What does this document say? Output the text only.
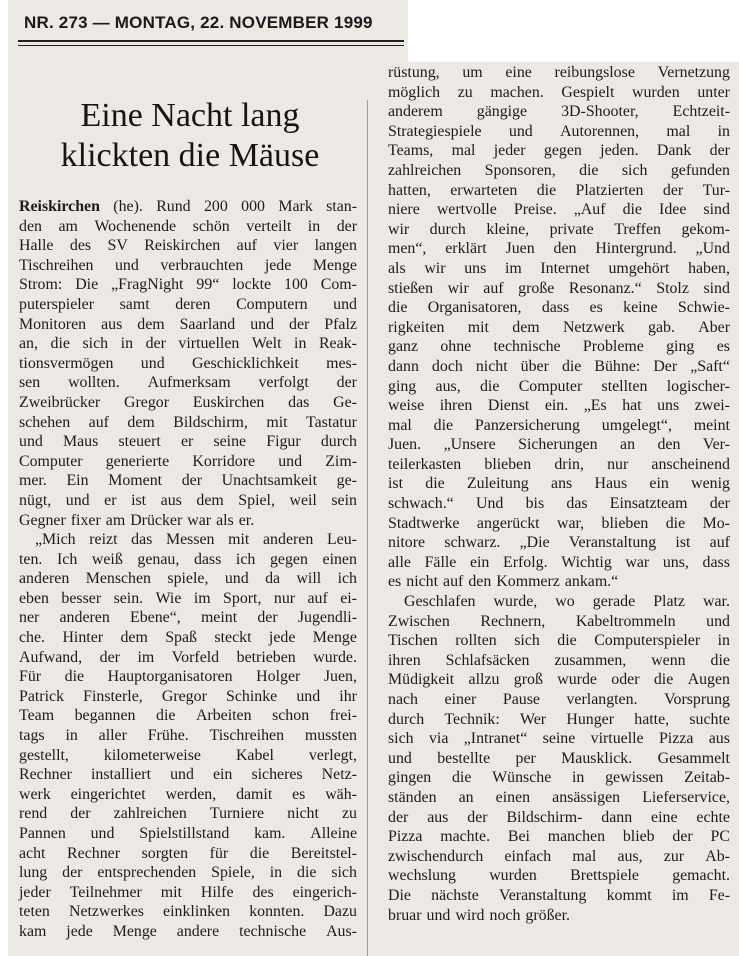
NR. 273 — MONTAG, 22. NOVEMBER 1999
Eine Nacht lang
klickten die Mäuse
Reiskirchen (he). Rund 200 000 Mark stan-
den am Wochenende schön verteilt in der
Halle des SV Reiskirchen auf vier langen
Tischreihen und verbrauchten jede Menge
Strom: Die „FragNight 99“ lockte 100 Com-
puterspieler samt deren Computern und
Monitoren aus dem Saarland und der Pfalz
an, die sich in der virtuellen Welt in Reak-
tionsvermögen und Geschicklichkeit mes-
sen wollten. Aufmerksam verfolgt der
Zweibrücker Gregor Euskirchen das Ge-
schehen auf dem Bildschirm, mit Tastatur
und Maus steuert er seine Figur durch
Computer generierte Korridore und Zim-
mer. Ein Moment der Unachtsamkeit ge-
nügt, und er ist aus dem Spiel, weil sein
Gegner fixer am Drücker war als er.
„Mich reizt das Messen mit anderen Leu-
ten. Ich weiß genau, dass ich gegen einen
anderen Menschen spiele, und da will ich
eben besser sein. Wie im Sport, nur auf ei-
ner anderen Ebene“, meint der Jugendli-
che. Hinter dem Spaß steckt jede Menge
Aufwand, der im Vorfeld betrieben wurde.
Für die Hauptorganisatoren Holger Juen,
Patrick Finsterle, Gregor Schinke und ihr
Team begannen die Arbeiten schon frei-
tags in aller Frühe. Tischreihen mussten
gestellt, kilometerweise Kabel verlegt,
Rechner installiert und ein sicheres Netz-
werk eingerichtet werden, damit es wäh-
rend der zahlreichen Turniere nicht zu
Pannen und Spielstillstand kam. Alleine
acht Rechner sorgten für die Bereitstel-
lung der entsprechenden Spiele, in die sich
jeder Teilnehmer mit Hilfe des eingerich-
teten Netzwerkes einklinken konnten. Dazu
kam jede Menge andere technische Aus-
rüstung, um eine reibungslose Vernetzung
möglich zu machen. Gespielt wurden unter
anderem gängige 3D-Shooter, Echtzeit-
Strategiespiele und Autorennen, mal in
Teams, mal jeder gegen jeden. Dank der
zahlreichen Sponsoren, die sich gefunden
hatten, erwarteten die Platzierten der Tur-
niere wertvolle Preise. „Auf die Idee sind
wir durch kleine, private Treffen gekom-
men“, erklärt Juen den Hintergrund. „Und
als wir uns im Internet umgehört haben,
stießen wir auf große Resonanz.“ Stolz sind
die Organisatoren, dass es keine Schwie-
rigkeiten mit dem Netzwerk gab. Aber
ganz ohne technische Probleme ging es
dann doch nicht über die Bühne: Der „Saft“
ging aus, die Computer stellten logischer-
weise ihren Dienst ein. „Es hat uns zwei-
mal die Panzersicherung umgelegt“, meint
Juen. „Unsere Sicherungen an den Ver-
teilerkasten blieben drin, nur anscheinend
ist die Zuleitung ans Haus ein wenig
schwach.“ Und bis das Einsatzteam der
Stadtwerke angerückt war, blieben die Mo-
nitore schwarz. „Die Veranstaltung ist auf
alle Fälle ein Erfolg. Wichtig war uns, dass
es nicht auf den Kommerz ankam.“
Geschlafen wurde, wo gerade Platz war.
Zwischen Rechnern, Kabeltrommeln und
Tischen rollten sich die Computerspieler in
ihren Schlafsäcken zusammen, wenn die
Müdigkeit allzu groß wurde oder die Augen
nach einer Pause verlangten. Vorsprung
durch Technik: Wer Hunger hatte, suchte
sich via „Intranet“ seine virtuelle Pizza aus
und bestellte per Mausklick. Gesammelt
gingen die Wünsche in gewissen Zeitab-
ständen an einen ansässigen Lieferservice,
der aus der Bildschirm- dann eine echte
Pizza machte. Bei manchen blieb der PC
zwischendurch einfach mal aus, zur Ab-
wechslung wurden Brettspiele gemacht.
Die nächste Veranstaltung kommt im Fe-
bruar und wird noch größer.
